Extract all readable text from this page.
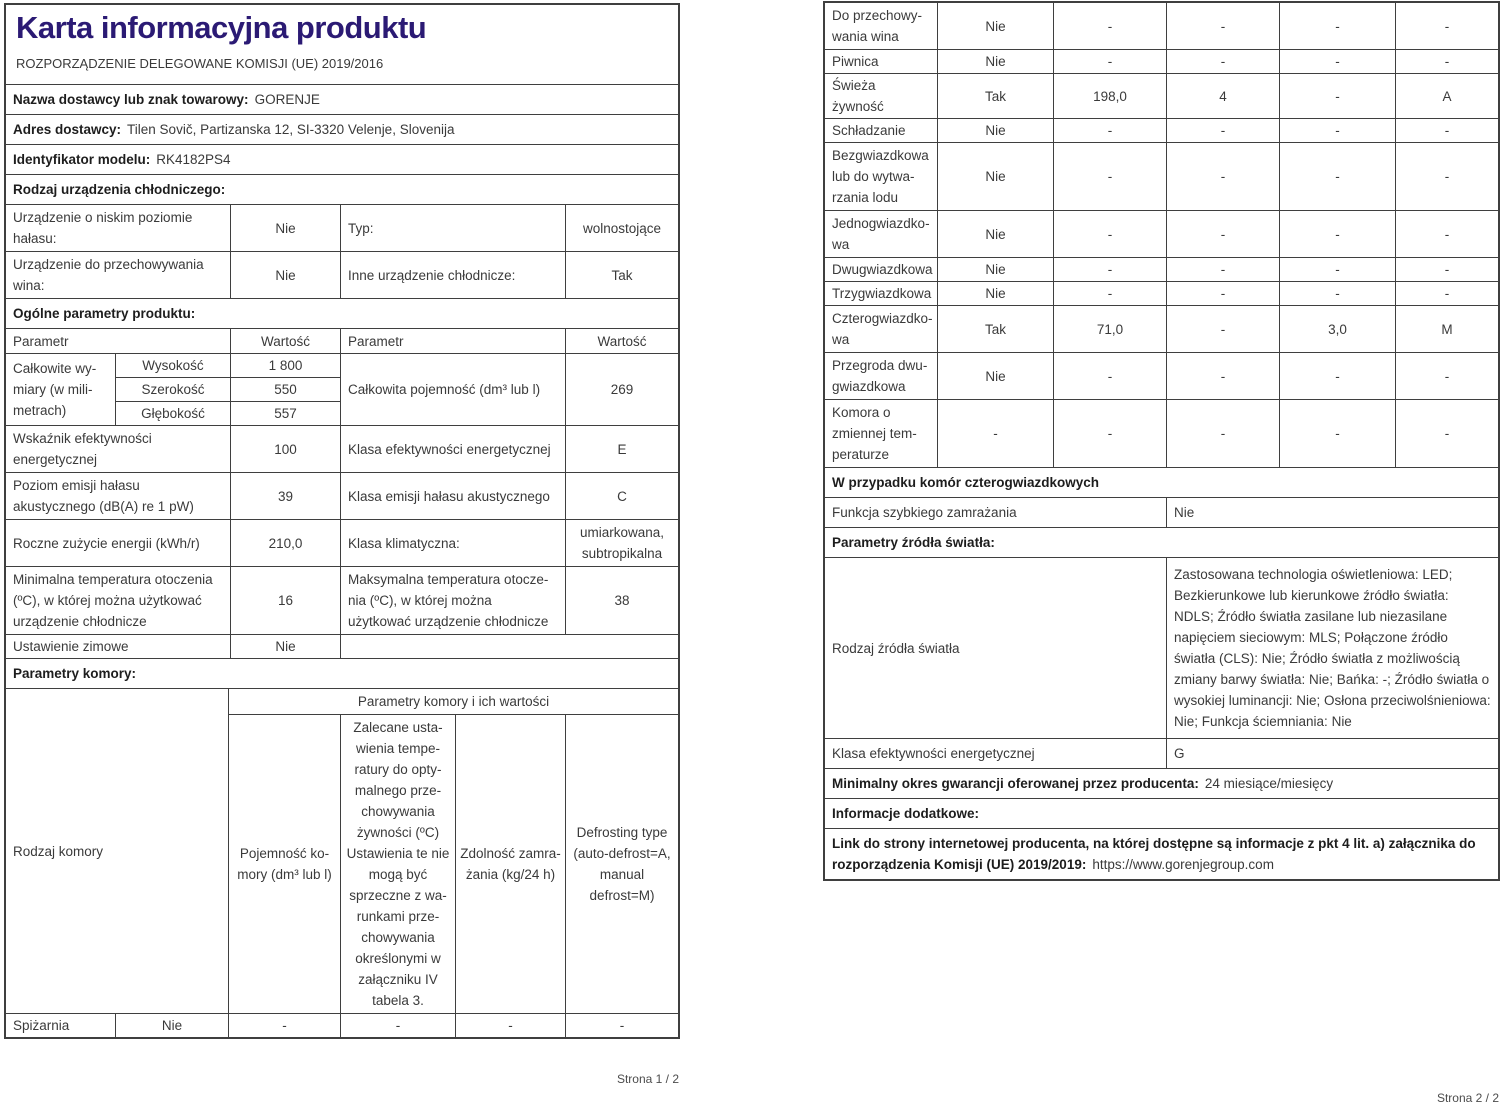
Karta informacyjna produktu
ROZPORZĄDZENIE DELEGOWANE KOMISJI (UE) 2019/2016

Nazwa dostawcy lub znak towarowy: GORENJE
Adres dostawcy: Tilen Sovič, Partizanska 12, SI-3320 Velenje, Slovenija
Identyfikator modelu: RK4182PS4
Rodzaj urządzenia chłodniczego:
Urządzenie o niskim poziomie hałasu:	Nie	Typ:	wolnostojące
Urządzenie do przechowywania wina:	Nie	Inne urządzenie chłodnicze:	Tak
Ogólne parametry produktu:
Parametr		Wartość	Parametr	Wartość
Całkowite wymiary (w milimetrach)	Wysokość	1 800	Całkowita pojemność (dm³ lub l)	269
	Szerokość	550		
	Głębokość	557		
Wskaźnik efektywności energetycznej		100	Klasa efektywności energetycznej	E
Poziom emisji hałasu akustycznego (dB(A) re 1 pW)		39	Klasa emisji hałasu akustycznego	C
Roczne zużycie energii (kWh/r)		210,0	Klasa klimatyczna:	umiarkowana, subtropikalna
Minimalna temperatura otoczenia (ºC), w której można użytkować urządzenie chłodnicze		16	Maksymalna temperatura otoczenia (ºC), w której można użytkować urządzenie chłodnicze	38
Ustawienie zimowe		Nie		
Parametry komory:
Rodzaj komory		Parametry komory i ich wartości			
		Pojemność komory (dm³ lub l)	Zalecane ustawienia temperatury do optymalnego przechowywania żywności (ºC) Ustawienia te nie mogą być sprzeczne z warunkami przechowywania określonymi w załączniku IV tabela 3.	Zdolność zamrażania (kg/24 h)	Defrosting type (auto-defrost=A, manual defrost=M)
Spiżarnia	Nie	-	-	-	-
Strona 1 / 2
Do przechowywania wina	Nie	-	-	-	-
Piwnica	Nie	-	-	-	-
Świeża żywność	Tak	198,0	4	-	A
Schładzanie	Nie	-	-	-	-
Bezgwiazdkowa lub do wytwarzania lodu	Nie	-	-	-	-
Jednogwiazdkowa	Nie	-	-	-	-
Dwugwiazdkowa	Nie	-	-	-	-
Trzygwiazdkowa	Nie	-	-	-	-
Czterogwiazdkowa	Tak	71,0	-	3,0	M
Przegroda dwugwiazdkowa	Nie	-	-	-	-
Komora o zmiennej temperaturze	-	-	-	-	-
W przypadku komór czterogwiazdkowych					
Funkcja szybkiego zamrażania			Nie		
Parametry źródła światła:					
Rodzaj źródła światła			Zastosowana technologia oświetleniowa: LED; Bezkierunkowe lub kierunkowe źródło światła: NDLS; Źródło światła zasilane lub niezasilane napięciem sieciowym: MLS; Połączone źródło światła (CLS): Nie; Źródło światła z możliwością zmiany barwy światła: Nie; Bańka: -; Źródło światła o wysokiej luminancji: Nie; Osłona przeciwolśnieniowa: Nie; Funkcja ściemniania: Nie		
Klasa efektywności energetycznej			G		
Minimalny okres gwarancji oferowanej przez producenta: 24 miesiące/miesięcy					
Informacje dodatkowe:					
Link do strony internetowej producenta, na której dostępne są informacje z pkt 4 lit. a) załącznika do rozporządzenia Komisji (UE) 2019/2019: https://www.gorenjegroup.com					
Strona 2 / 2
